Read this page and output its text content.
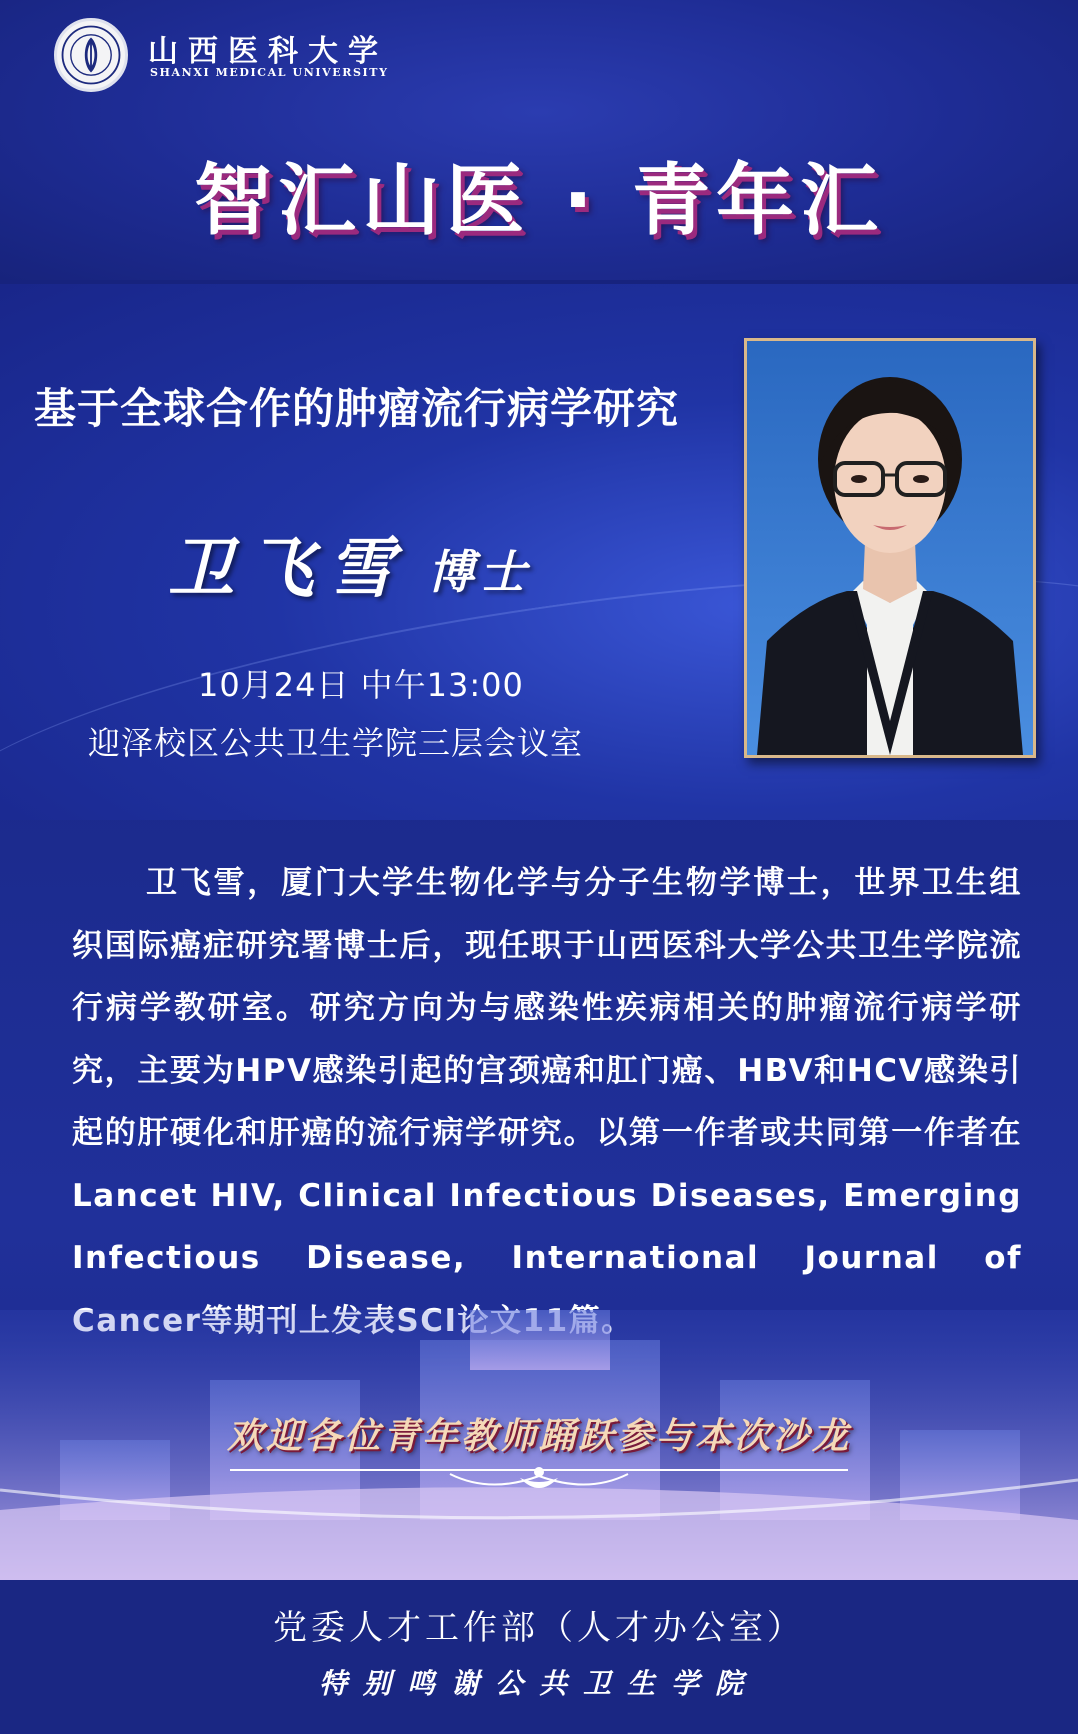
山西医科大学
SHANXI MEDICAL UNIVERSITY
智汇山医 · 青年汇
基于全球合作的肿瘤流行病学研究
卫飞雪 博士
10月24日 中午13:00
迎泽校区公共卫生学院三层会议室
卫飞雪，厦门大学生物化学与分子生物学博士，世界卫生组织国际癌症研究署博士后，现任职于山西医科大学公共卫生学院流行病学教研室。研究方向为与感染性疾病相关的肿瘤流行病学研究，主要为HPV感染引起的宫颈癌和肛门癌、HBV和HCV感染引起的肝硬化和肝癌的流行病学研究。以第一作者或共同第一作者在Lancet HIV, Clinical Infectious Diseases, Emerging Infectious Disease, International Journal of
欢迎各位青年教师踊跃参与本次沙龙
党委人才工作部（人才办公室）
特别鸣谢公共卫生学院
